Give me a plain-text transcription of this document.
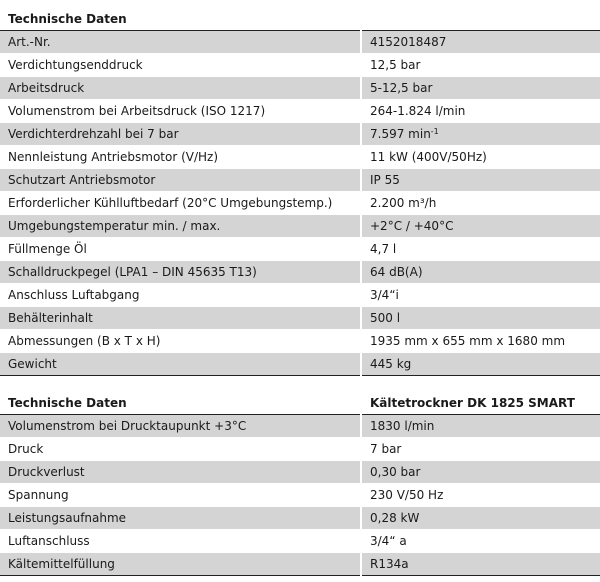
Technische Daten	
Art.-Nr.	4152018487
Verdichtungsenddruck	12,5 bar
Arbeitsdruck	5-12,5 bar
Volumenstrom bei Arbeitsdruck (ISO 1217)	264-1.824 l/min
Verdichterdrehzahl bei 7 bar	7.597 $\min^{-1}$
Nennleistung Antriebsmotor (V/Hz)	11 kW (400V/50Hz)
Schutzart Antriebsmotor	IP 55
Erforderlicher Kühlluftbedarf (20°C Umgebungstemp.)	2.200 m³/h
Umgebungstemperatur min. / max.	+2°C / +40°C
Füllmenge Öl	4,7 l
Schalldruckpegel (LPA1 – DIN 45635 T13)	64 dB(A)
Anschluss Luftabgang	3/4“i
Behälterinhalt	500 l
Abmessungen (B x T x H)	1935 mm x 655 mm x 1680 mm
Gewicht	445 kg
Technische Daten	Kältetrockner DK 1825 SMART
Volumenstrom bei Drucktaupunkt +3°C	1830 l/min
Druck	7 bar
Druckverlust	0,30 bar
Spannung	230 V/50 Hz
Leistungsaufnahme	0,28 kW
Luftanschluss	3/4“ a
Kältemittelfüllung	R134a
